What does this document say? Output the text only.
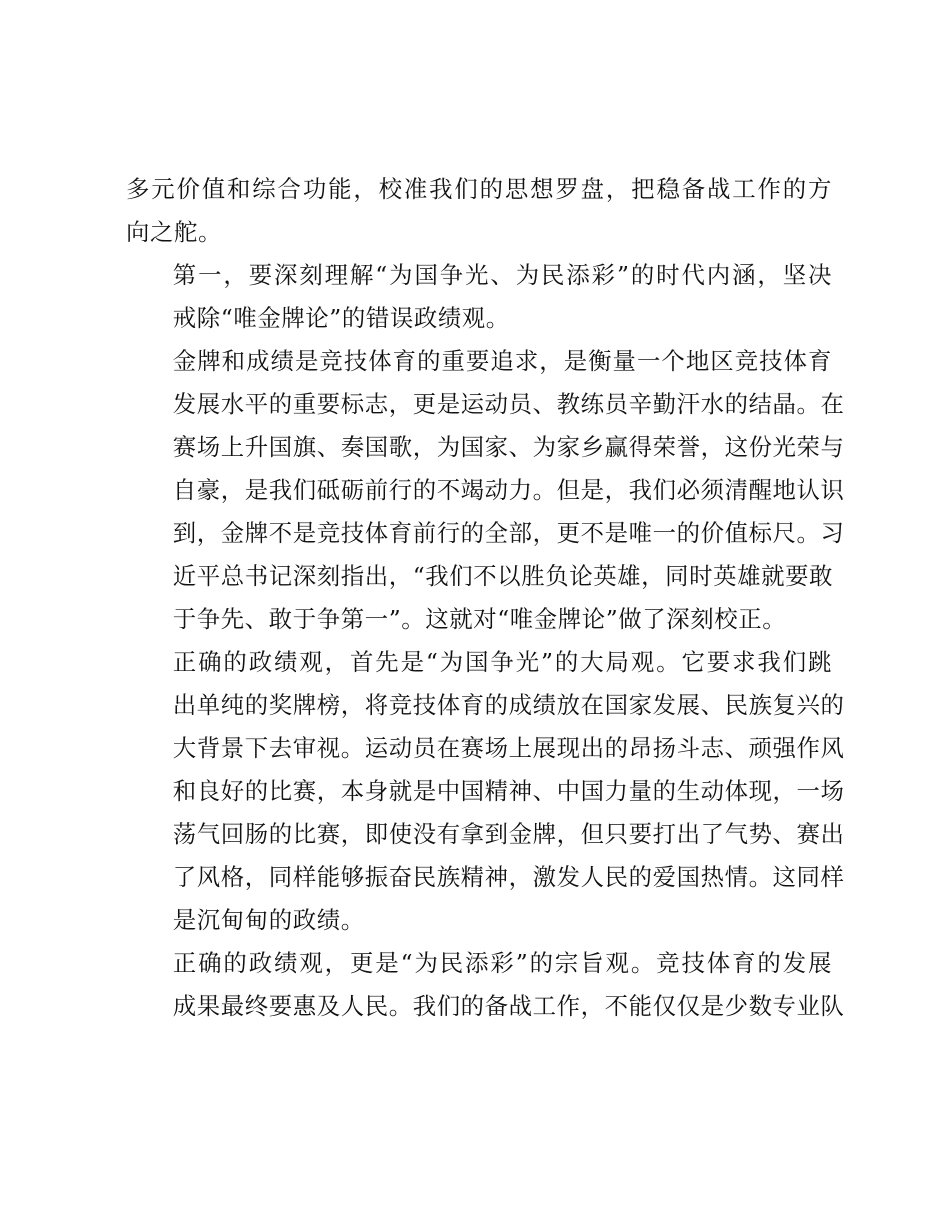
多元价值和综合功能，校准我们的思想罗盘，把稳备战工作的方
向之舵。

第一，要深刻理解“为国争光、为民添彩”的时代内涵，坚决
戒除“唯金牌论”的错误政绩观。

金牌和成绩是竞技体育的重要追求，是衡量一个地区竞技体育
发展水平的重要标志，更是运动员、教练员辛勤汗水的结晶。在
赛场上升国旗、奏国歌，为国家、为家乡赢得荣誉，这份光荣与
自豪，是我们砥砺前行的不竭动力。但是，我们必须清醒地认识
到，金牌不是竞技体育前行的全部，更不是唯一的价值标尺。习
近平总书记深刻指出，“我们不以胜负论英雄，同时英雄就要敢
于争先、敢于争第一”。这就对“唯金牌论”做了深刻校正。

正确的政绩观，首先是“为国争光”的大局观。它要求我们跳
出单纯的奖牌榜，将竞技体育的成绩放在国家发展、民族复兴的
大背景下去审视。运动员在赛场上展现出的昂扬斗志、顽强作风
和良好的比赛，本身就是中国精神、中国力量的生动体现，一场
荡气回肠的比赛，即使没有拿到金牌，但只要打出了气势、赛出
了风格，同样能够振奋民族精神，激发人民的爱国热情。这同样
是沉甸甸的政绩。

正确的政绩观，更是“为民添彩”的宗旨观。竞技体育的发展
成果最终要惠及人民。我们的备战工作，不能仅仅是少数专业队
